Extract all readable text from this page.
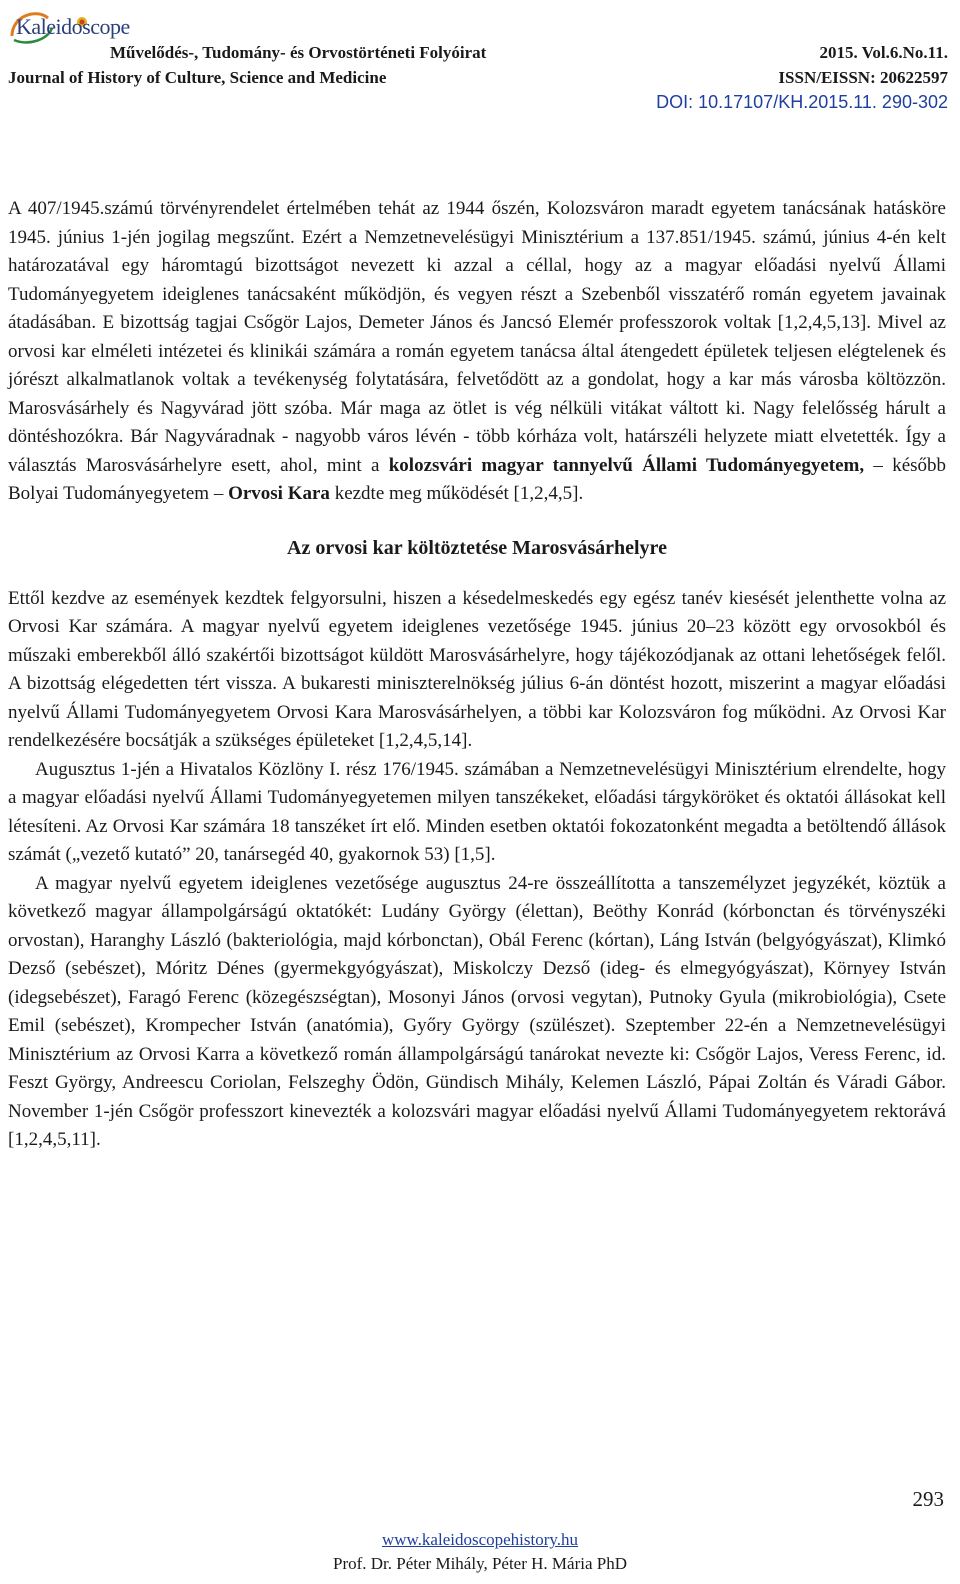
Kaleidoscope
Művelődés-, Tudomány- és Orvostörténeti Folyóirat
Journal of History of Culture, Science and Medicine
2015. Vol.6.No.11.
ISSN/EISSN: 20622597
DOI: 10.17107/KH.2015.11. 290-302

A 407/1945.számú törvényrendelet értelmében tehát az 1944 őszén, Kolozsváron maradt egyetem tanácsának hatásköre 1945. június 1-jén jogilag megszűnt. Ezért a Nemzetnevelésügyi Minisztérium a 137.851/1945. számú, június 4-én kelt határozatával egy háromtagú bizottságot nevezett ki azzal a céllal, hogy az a magyar előadási nyelvű Állami Tudományegyetem ideiglenes tanácsaként működjön, és vegyen részt a Szebenből visszatérő román egyetem javainak átadásában. E bizottság tagjai Csőgör Lajos, Demeter János és Jancsó Elemér professzorok voltak [1,2,4,5,13]. Mivel az orvosi kar elméleti intézetei és klinikái számára a román egyetem tanácsa által átengedett épületek teljesen elégtelenek és jórészt alkalmatlanok voltak a tevékenység folytatására, felvetődött az a gondolat, hogy a kar más városba költözzön. Marosvásárhely és Nagyvárad jött szóba. Már maga az ötlet is vég nélküli vitákat váltott ki. Nagy felelősség hárult a döntéshozókra. Bár Nagyváradnak - nagyobb város lévén - több kórháza volt, határszéli helyzete miatt elvetették. Így a választás Marosvásárhelyre esett, ahol, mint a kolozsvári magyar tannyelvű Állami Tudományegyetem, – később Bolyai Tudományegyetem – Orvosi Kara kezdte meg működését [1,2,4,5].

Az orvosi kar költöztetése Marosvásárhelyre

Ettől kezdve az események kezdtek felgyorsulni, hiszen a késedelmeskedés egy egész tanév kiesését jelenthette volna az Orvosi Kar számára. A magyar nyelvű egyetem ideiglenes vezetősége 1945. június 20–23 között egy orvosokból és műszaki emberekből álló szakértői bizottságot küldött Marosvásárhelyre, hogy tájékozódjanak az ottani lehetőségek felől. A bizottság elégedetten tért vissza. A bukaresti miniszterelnökség július 6-án döntést hozott, miszerint a magyar előadási nyelvű Állami Tudományegyetem Orvosi Kara Marosvásárhelyen, a többi kar Kolozsváron fog működni. Az Orvosi Kar rendelkezésére bocsátják a szükséges épületeket [1,2,4,5,14].

Augusztus 1-jén a Hivatalos Közlöny I. rész 176/1945. számában a Nemzetnevelésügyi Minisztérium elrendelte, hogy a magyar előadási nyelvű Állami Tudományegyetemen milyen tanszékeket, előadási tárgyköröket és oktatói állásokat kell létesíteni. Az Orvosi Kar számára 18 tanszéket írt elő. Minden esetben oktatói fokozatonként megadta a betöltendő állások számát („vezető kutató” 20, tanársegéd 40, gyakornok 53) [1,5].

A magyar nyelvű egyetem ideiglenes vezetősége augusztus 24-re összeállította a tanszemélyzet jegyzékét, köztük a következő magyar állampolgárságú oktatókét: Ludány György (élettan), Beöthy Konrád (kórbonctan és törvényszéki orvostan), Haranghy László (bakteriológia, majd kórbonctan), Obál Ferenc (kórtan), Láng István (belgyógyászat), Klimkó Dezső (sebészet), Móritz Dénes (gyermekgyógyászat), Miskolczy Dezső (ideg- és elmegyógyászat), Környey István (idegsebészet), Faragó Ferenc (közegészségtan), Mosonyi János (orvosi vegytan), Putnoky Gyula (mikrobiológia), Csete Emil (sebészet), Krompecher István (anatómia), Győry György (szülészet). Szeptember 22-én a Nemzetnevelésügyi Minisztérium az Orvosi Karra a következő román állampolgárságú tanárokat nevezte ki: Csőgör Lajos, Veress Ferenc, id. Feszt György, Andreescu Coriolan, Felszeghy Ödön, Gündisch Mihály, Kelemen László, Pápai Zoltán és Váradi Gábor. November 1-jén Csőgör professzort kinevezték a kolozsvári magyar előadási nyelvű Állami Tudományegyetem rektorává [1,2,4,5,11].

293
www.kaleidoscopehistory.hu
Prof. Dr. Péter Mihály, Péter H. Mária PhD
